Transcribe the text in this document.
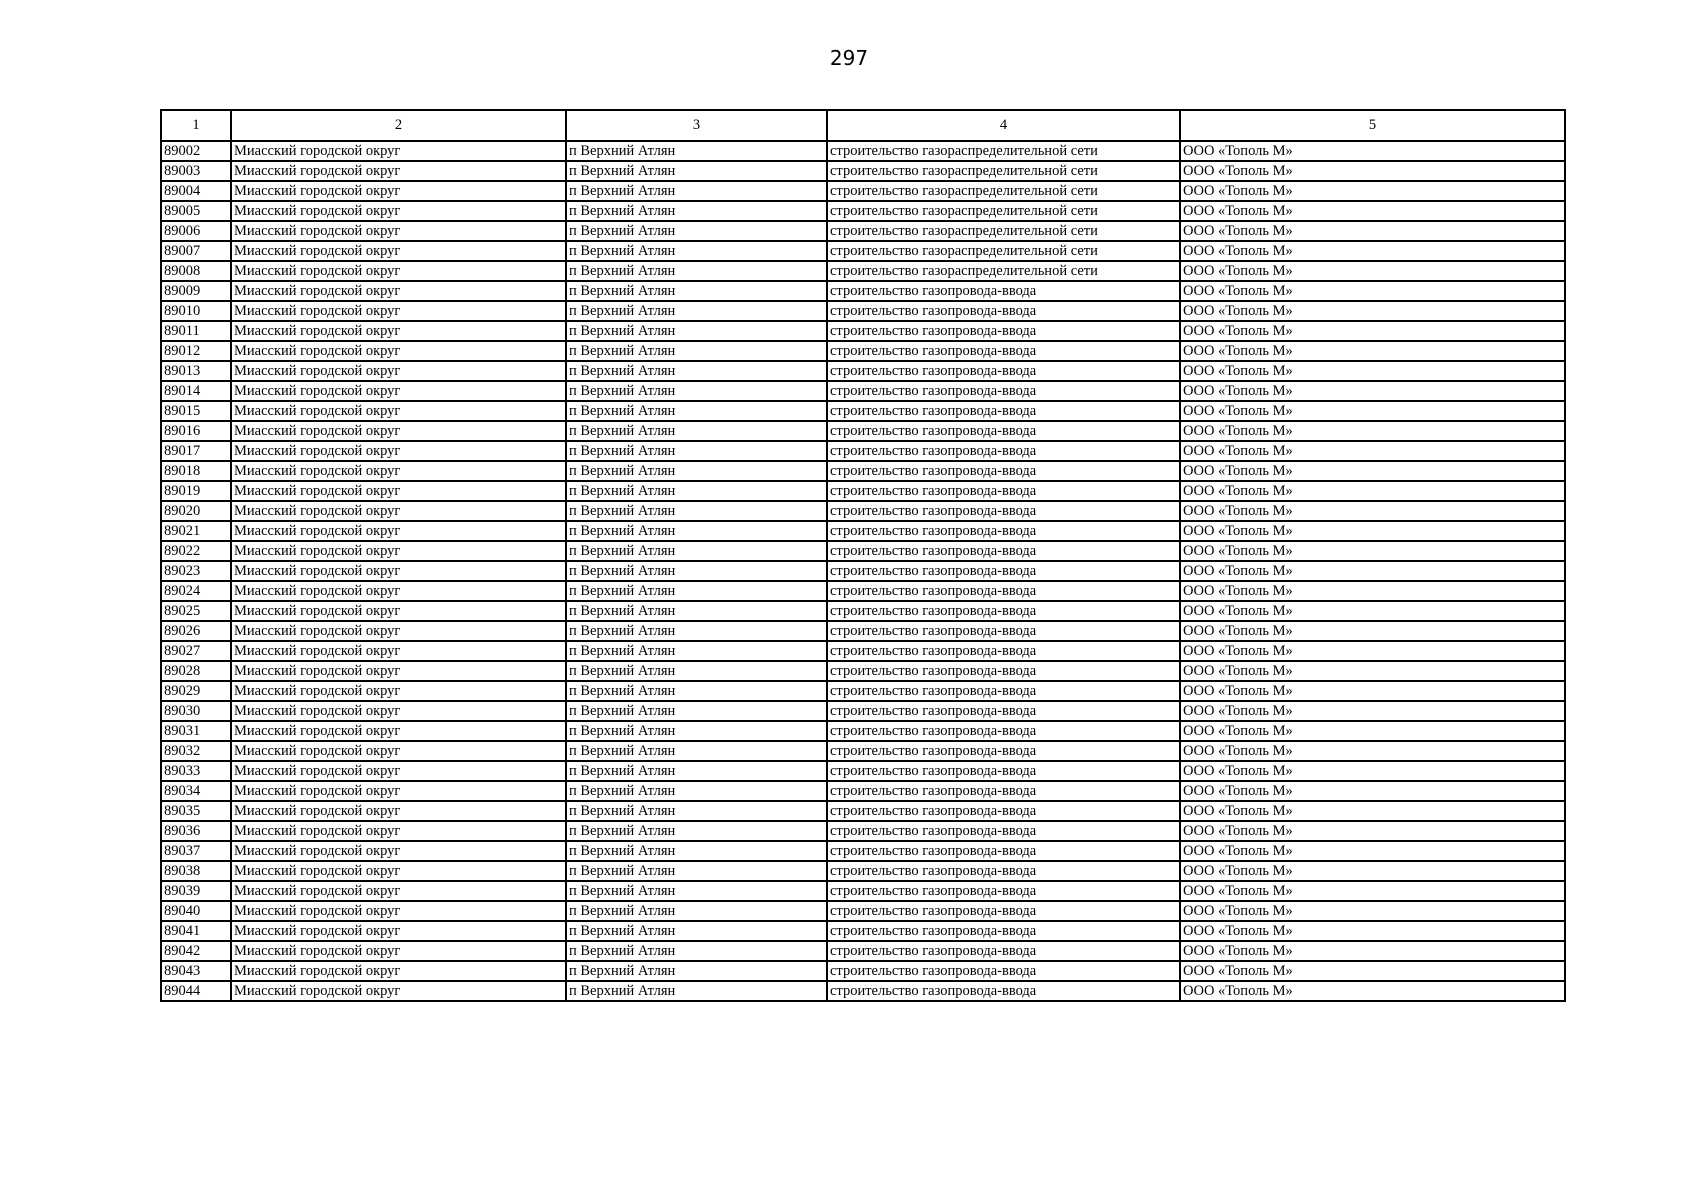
297
1	2	3	4	5
89002	Миасский городской округ	п Верхний Атлян	строительство газораспределительной сети	ООО «Тополь М»
89003	Миасский городской округ	п Верхний Атлян	строительство газораспределительной сети	ООО «Тополь М»
89004	Миасский городской округ	п Верхний Атлян	строительство газораспределительной сети	ООО «Тополь М»
89005	Миасский городской округ	п Верхний Атлян	строительство газораспределительной сети	ООО «Тополь М»
89006	Миасский городской округ	п Верхний Атлян	строительство газораспределительной сети	ООО «Тополь М»
89007	Миасский городской округ	п Верхний Атлян	строительство газораспределительной сети	ООО «Тополь М»
89008	Миасский городской округ	п Верхний Атлян	строительство газораспределительной сети	ООО «Тополь М»
89009	Миасский городской округ	п Верхний Атлян	строительство газопровода-ввода	ООО «Тополь М»
89010	Миасский городской округ	п Верхний Атлян	строительство газопровода-ввода	ООО «Тополь М»
89011	Миасский городской округ	п Верхний Атлян	строительство газопровода-ввода	ООО «Тополь М»
89012	Миасский городской округ	п Верхний Атлян	строительство газопровода-ввода	ООО «Тополь М»
89013	Миасский городской округ	п Верхний Атлян	строительство газопровода-ввода	ООО «Тополь М»
89014	Миасский городской округ	п Верхний Атлян	строительство газопровода-ввода	ООО «Тополь М»
89015	Миасский городской округ	п Верхний Атлян	строительство газопровода-ввода	ООО «Тополь М»
89016	Миасский городской округ	п Верхний Атлян	строительство газопровода-ввода	ООО «Тополь М»
89017	Миасский городской округ	п Верхний Атлян	строительство газопровода-ввода	ООО «Тополь М»
89018	Миасский городской округ	п Верхний Атлян	строительство газопровода-ввода	ООО «Тополь М»
89019	Миасский городской округ	п Верхний Атлян	строительство газопровода-ввода	ООО «Тополь М»
89020	Миасский городской округ	п Верхний Атлян	строительство газопровода-ввода	ООО «Тополь М»
89021	Миасский городской округ	п Верхний Атлян	строительство газопровода-ввода	ООО «Тополь М»
89022	Миасский городской округ	п Верхний Атлян	строительство газопровода-ввода	ООО «Тополь М»
89023	Миасский городской округ	п Верхний Атлян	строительство газопровода-ввода	ООО «Тополь М»
89024	Миасский городской округ	п Верхний Атлян	строительство газопровода-ввода	ООО «Тополь М»
89025	Миасский городской округ	п Верхний Атлян	строительство газопровода-ввода	ООО «Тополь М»
89026	Миасский городской округ	п Верхний Атлян	строительство газопровода-ввода	ООО «Тополь М»
89027	Миасский городской округ	п Верхний Атлян	строительство газопровода-ввода	ООО «Тополь М»
89028	Миасский городской округ	п Верхний Атлян	строительство газопровода-ввода	ООО «Тополь М»
89029	Миасский городской округ	п Верхний Атлян	строительство газопровода-ввода	ООО «Тополь М»
89030	Миасский городской округ	п Верхний Атлян	строительство газопровода-ввода	ООО «Тополь М»
89031	Миасский городской округ	п Верхний Атлян	строительство газопровода-ввода	ООО «Тополь М»
89032	Миасский городской округ	п Верхний Атлян	строительство газопровода-ввода	ООО «Тополь М»
89033	Миасский городской округ	п Верхний Атлян	строительство газопровода-ввода	ООО «Тополь М»
89034	Миасский городской округ	п Верхний Атлян	строительство газопровода-ввода	ООО «Тополь М»
89035	Миасский городской округ	п Верхний Атлян	строительство газопровода-ввода	ООО «Тополь М»
89036	Миасский городской округ	п Верхний Атлян	строительство газопровода-ввода	ООО «Тополь М»
89037	Миасский городской округ	п Верхний Атлян	строительство газопровода-ввода	ООО «Тополь М»
89038	Миасский городской округ	п Верхний Атлян	строительство газопровода-ввода	ООО «Тополь М»
89039	Миасский городской округ	п Верхний Атлян	строительство газопровода-ввода	ООО «Тополь М»
89040	Миасский городской округ	п Верхний Атлян	строительство газопровода-ввода	ООО «Тополь М»
89041	Миасский городской округ	п Верхний Атлян	строительство газопровода-ввода	ООО «Тополь М»
89042	Миасский городской округ	п Верхний Атлян	строительство газопровода-ввода	ООО «Тополь М»
89043	Миасский городской округ	п Верхний Атлян	строительство газопровода-ввода	ООО «Тополь М»
89044	Миасский городской округ	п Верхний Атлян	строительство газопровода-ввода	ООО «Тополь М»
